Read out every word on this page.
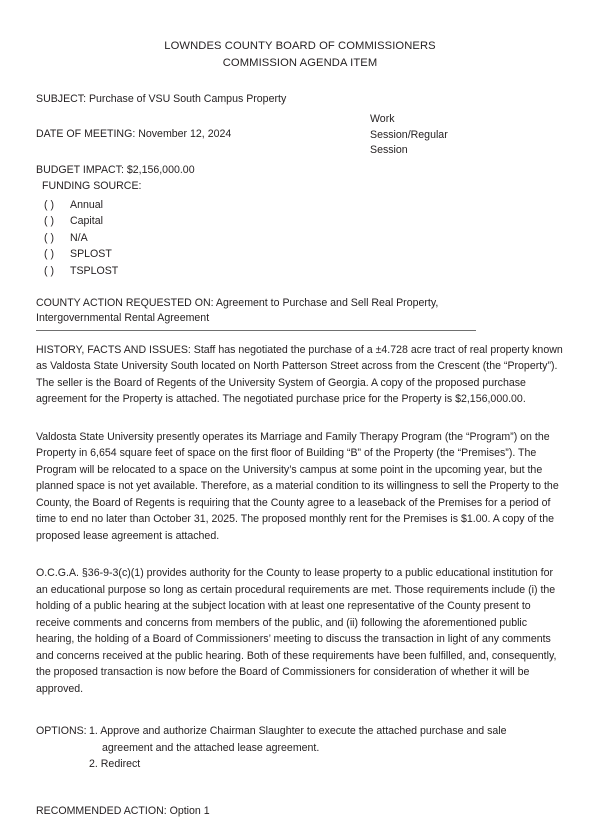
LOWNDES COUNTY BOARD OF COMMISSIONERS
COMMISSION AGENDA ITEM
SUBJECT: Purchase of VSU South Campus Property
DATE OF MEETING: November 12, 2024
Work
Session/Regular
Session
BUDGET IMPACT: $2,156,000.00
FUNDING SOURCE:
( )	Annual
( )	Capital
( )	N/A
( )	SPLOST
( )	TSPLOST
COUNTY ACTION REQUESTED ON: Agreement to Purchase and Sell Real Property,
Intergovernmental Rental Agreement

HISTORY, FACTS AND ISSUES: Staff has negotiated the purchase of a ±4.728 acre tract of real property known as Valdosta State University South located on North Patterson Street across from the Crescent (the “Property”). The seller is the Board of Regents of the University System of Georgia. A copy of the proposed purchase agreement for the Property is attached. The negotiated purchase price for the Property is $2,156,000.00.

Valdosta State University presently operates its Marriage and Family Therapy Program (the “Program”) on the Property in 6,654 square feet of space on the first floor of Building “B” of the Property (the “Premises”). The Program will be relocated to a space on the University’s campus at some point in the upcoming year, but the planned space is not yet available. Therefore, as a material condition to its willingness to sell the Property to the County, the Board of Regents is requiring that the County agree to a leaseback of the Premises for a period of time to end no later than October 31, 2025. The proposed monthly rent for the Premises is $1.00. A copy of the proposed lease agreement is attached.

O.C.G.A. §36-9-3(c)(1) provides authority for the County to lease property to a public educational institution for an educational purpose so long as certain procedural requirements are met. Those requirements include (i) the holding of a public hearing at the subject location with at least one representative of the County present to receive comments and concerns from members of the public, and (ii) following the aforementioned public hearing, the holding of a Board of Commissioners’ meeting to discuss the transaction in light of any comments and concerns received at the public hearing. Both of these requirements have been fulfilled, and, consequently, the proposed transaction is now before the Board of Commissioners for consideration of whether it will be approved.

OPTIONS: 1. Approve and authorize Chairman Slaughter to execute the attached purchase and sale
agreement and the attached lease agreement.
2. Redirect
RECOMMENDED ACTION: Option 1
